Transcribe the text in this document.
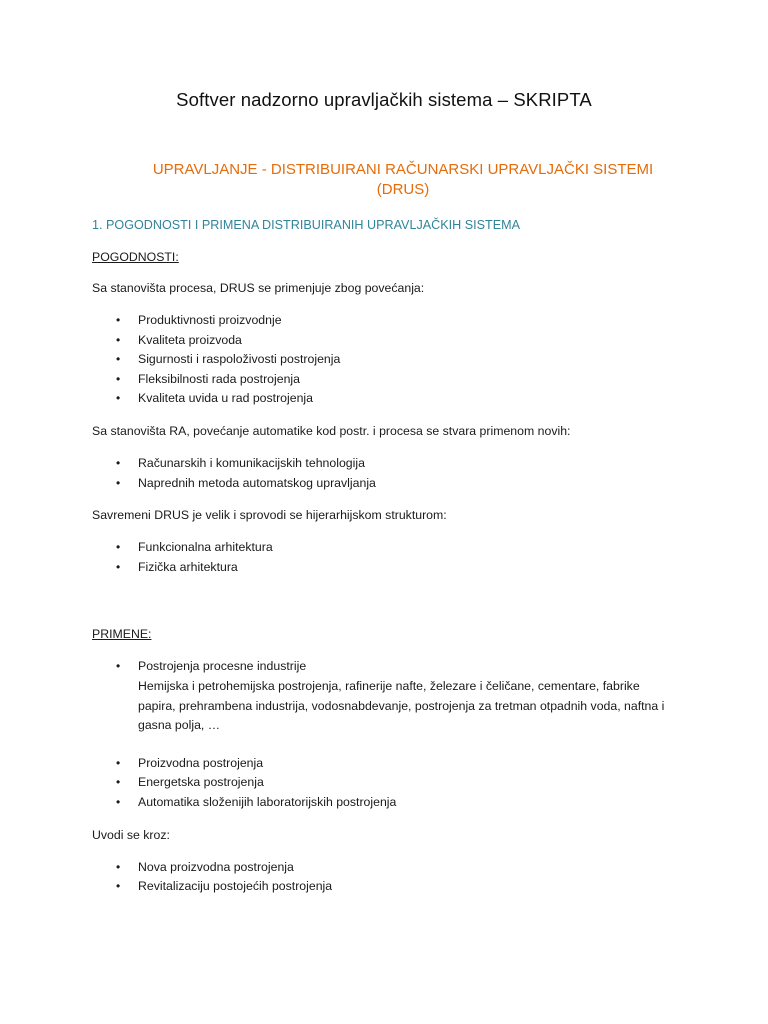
Softver nadzorno upravljačkih sistema – SKRIPTA
UPRAVLJANJE - DISTRIBUIRANI RAČUNARSKI UPRAVLJAČKI SISTEMI (DRUS)
1. POGODNOSTI I PRIMENA DISTRIBUIRANIH UPRAVLJAČKIH SISTEMA

POGODNOSTI:

Sa stanovišta procesa, DRUS se primenjuje zbog povećanja:

• Produktivnosti proizvodnje
• Kvaliteta proizvoda
• Sigurnosti i raspoloživosti postrojenja
• Fleksibilnosti rada postrojenja
• Kvaliteta uvida u rad postrojenja

Sa stanovišta RA, povećanje automatike kod postr. i procesa se stvara primenom novih:

• Računarskih i komunikacijskih tehnologija
• Naprednih metoda automatskog upravljanja

Savremeni DRUS je velik i sprovodi se hijerarhijskom strukturom:

• Funkcionalna arhitektura
• Fizička arhitektura

PRIMENE:

• Postrojenja procesne industrije
Hemijska i petrohemijska postrojenja, rafinerije nafte, železare i čeličane, cementare, fabrike papira, prehrambena industrija, vodosnabdevanje, postrojenja za tretman otpadnih voda, naftna i gasna polja, …
• Proizvodna postrojenja
• Energetska postrojenja
• Automatika složenijih laboratorijskih postrojenja

Uvodi se kroz:

• Nova proizvodna postrojenja
• Revitalizaciju postojećih postrojenja
